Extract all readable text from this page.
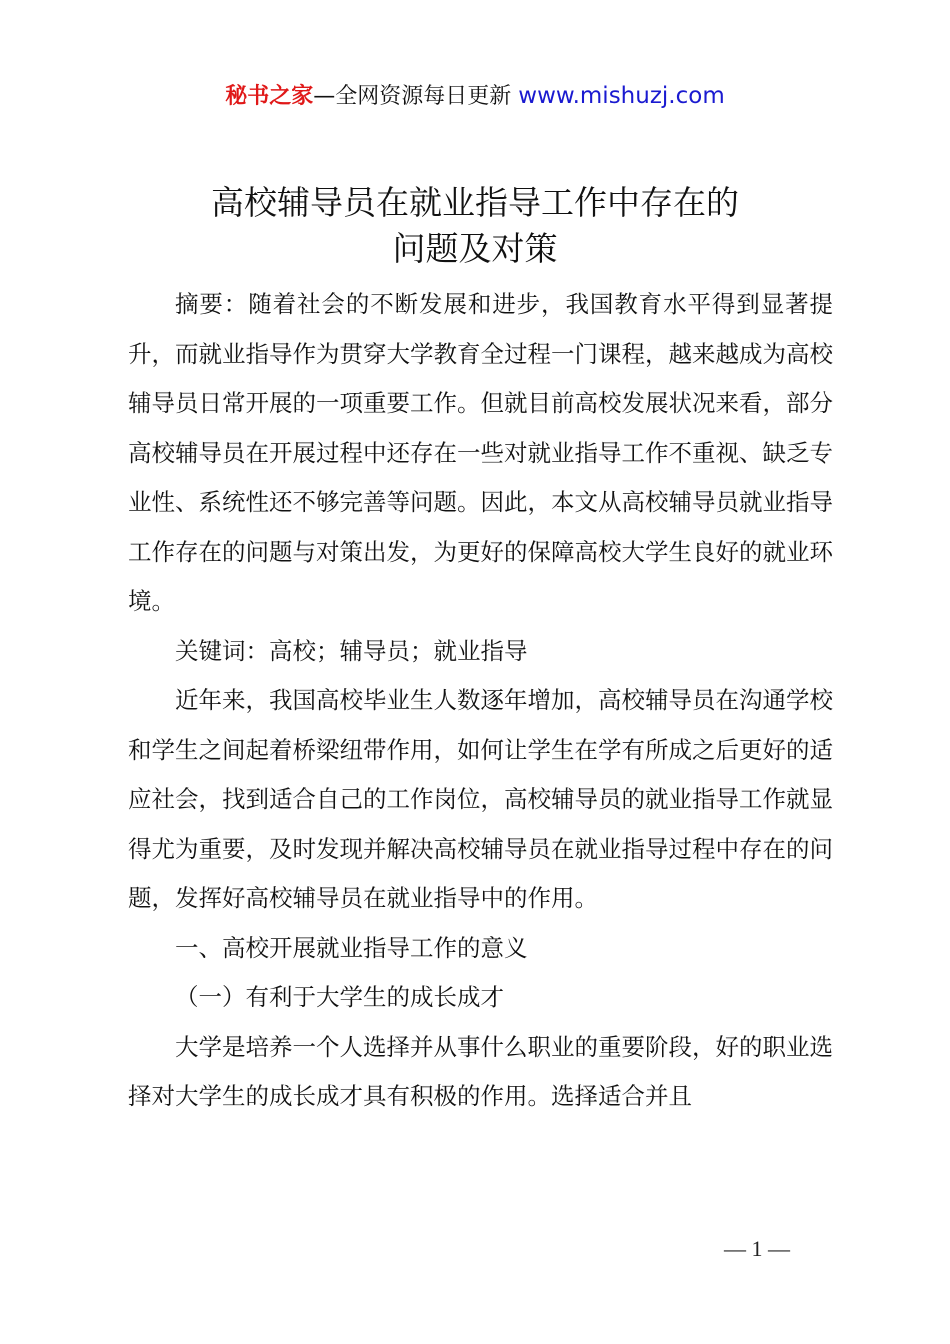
秘书之家—全网资源每日更新 www.mishuzj.com
高校辅导员在就业指导工作中存在的
问题及对策

摘要：随着社会的不断发展和进步，我国教育水平得到显著提升，而就业指导作为贯穿大学教育全过程一门课程，越来越成为高校辅导员日常开展的一项重要工作。但就目前高校发展状况来看，部分高校辅导员在开展过程中还存在一些对就业指导工作不重视、缺乏专业性、系统性还不够完善等问题。因此，本文从高校辅导员就业指导工作存在的问题与对策出发，为更好的保障高校大学生良好的就业环境。

关键词：高校；辅导员；就业指导

近年来，我国高校毕业生人数逐年增加，高校辅导员在沟通学校和学生之间起着桥梁纽带作用，如何让学生在学有所成之后更好的适应社会，找到适合自己的工作岗位，高校辅导员的就业指导工作就显得尤为重要，及时发现并解决高校辅导员在就业指导过程中存在的问题，发挥好高校辅导员在就业指导中的作用。

一、高校开展就业指导工作的意义

（一）有利于大学生的成长成才

大学是培养一个人选择并从事什么职业的重要阶段，好的职业选择对大学生的成长成才具有积极的作用。选择适合并且

— 1 —
